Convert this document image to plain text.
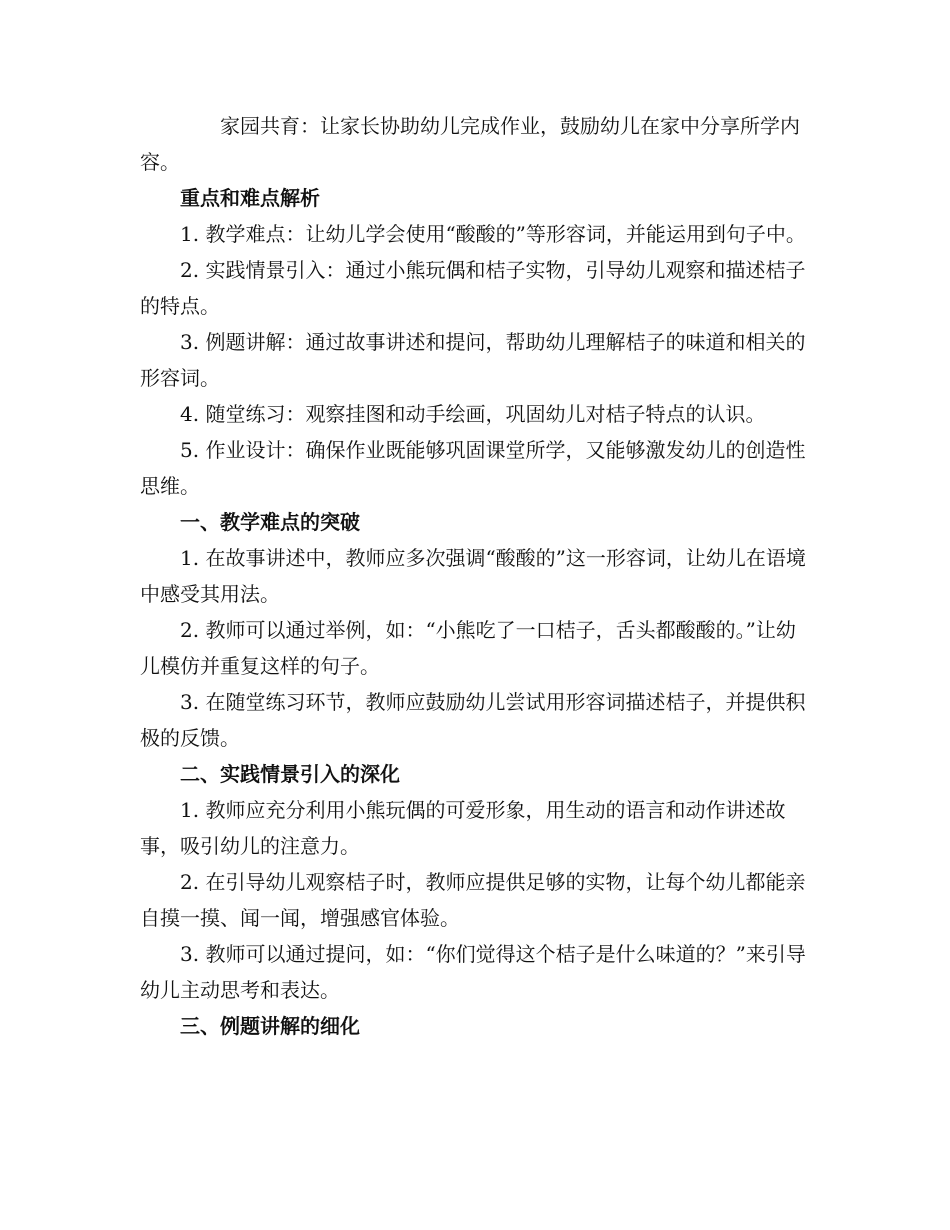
家园共育：让家长协助幼儿完成作业，鼓励幼儿在家中分享所学内容。

重点和难点解析

1. 教学难点：让幼儿学会使用“酸酸的”等形容词，并能运用到句子中。

2. 实践情景引入：通过小熊玩偶和桔子实物，引导幼儿观察和描述桔子的特点。

3. 例题讲解：通过故事讲述和提问，帮助幼儿理解桔子的味道和相关的形容词。

4. 随堂练习：观察挂图和动手绘画，巩固幼儿对桔子特点的认识。

5. 作业设计：确保作业既能够巩固课堂所学，又能够激发幼儿的创造性思维。

一、教学难点的突破

1. 在故事讲述中，教师应多次强调“酸酸的”这一形容词，让幼儿在语境中感受其用法。

2. 教师可以通过举例，如：“小熊吃了一口桔子，舌头都酸酸的。”让幼儿模仿并重复这样的句子。

3. 在随堂练习环节，教师应鼓励幼儿尝试用形容词描述桔子，并提供积极的反馈。

二、实践情景引入的深化

1. 教师应充分利用小熊玩偶的可爱形象，用生动的语言和动作讲述故事，吸引幼儿的注意力。

2. 在引导幼儿观察桔子时，教师应提供足够的实物，让每个幼儿都能亲自摸一摸、闻一闻，增强感官体验。

3. 教师可以通过提问，如：“你们觉得这个桔子是什么味道的？”来引导幼儿主动思考和表达。

三、例题讲解的细化
